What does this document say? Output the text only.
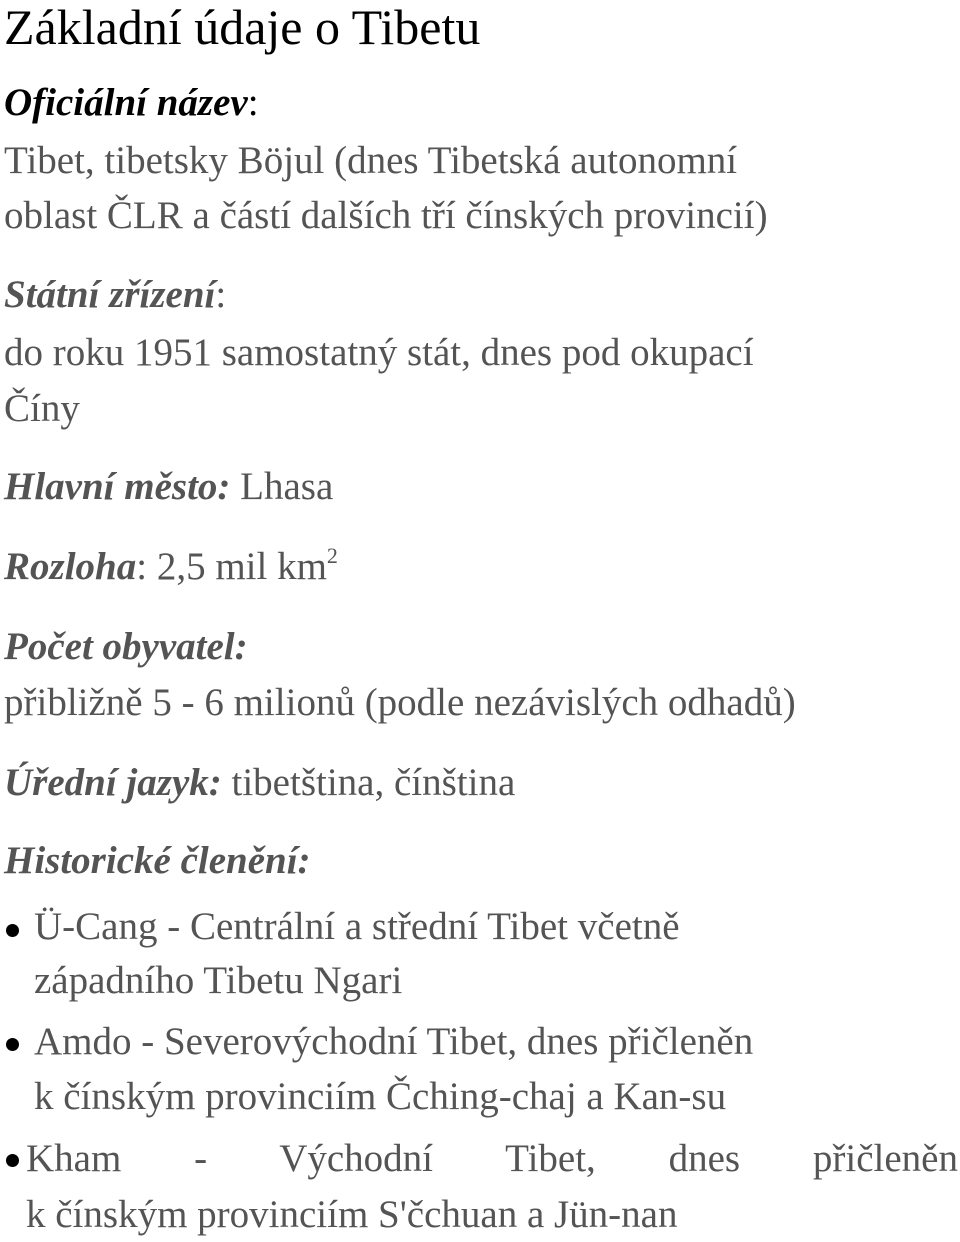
Základní údaje o Tibetu
Oficiální název:
Tibet, tibetsky Böjul (dnes Tibetská autonomní
oblast ČLR a částí dalších tří čínských provincií)
Státní zřízení:
do roku 1951 samostatný stát, dnes pod okupací
Číny
Hlavní město: Lhasa
Rozloha: 2,5 mil $km^2$
Počet obyvatel:
přibližně 5 - 6 milionů (podle nezávislých odhadů)
Úřední jazyk: tibetština, čínština
Historické členění:
Ü-Cang - Centrální a střední Tibet včetně
západního Tibetu Ngari
Amdo - Severovýchodní Tibet, dnes přičleněn
k čínským provinciím Čching-chaj a Kan-su
Kham - Východní Tibet, dnes přičleněn
k čínským provinciím S'čchuan a Jün-nan
